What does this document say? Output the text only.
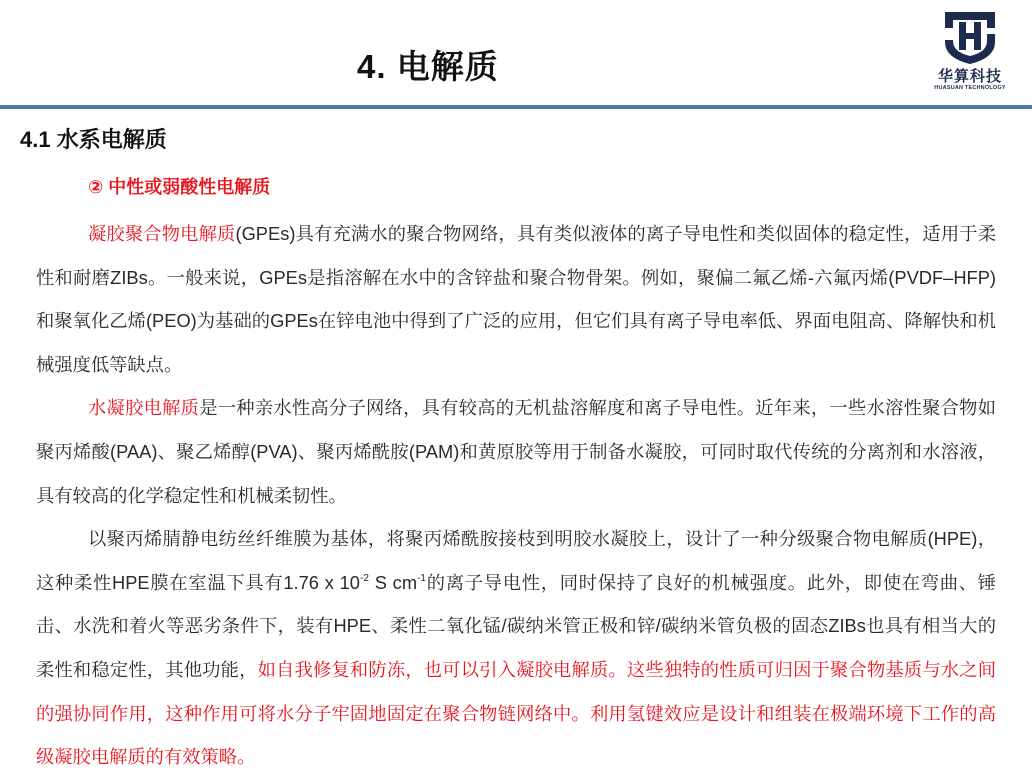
4. 电解质	华算科技
HUASUAN TECHNOLOGY
4.1 水系电解质
② 中性或弱酸性电解质

凝胶聚合物电解质(GPEs)具有充满水的聚合物网络，具有类似液体的离子导电性和类似固体的稳定性，适用于柔性和耐磨ZIBs。一般来说，GPEs是指溶解在水中的含锌盐和聚合物骨架。例如，聚偏二氟乙烯-六氟丙烯(PVDF–HFP)和聚氧化乙烯(PEO)为基础的GPEs在锌电池中得到了广泛的应用，但它们具有离子导电率低、界面电阻高、降解快和机械强度低等缺点。

水凝胶电解质是一种亲水性高分子网络，具有较高的无机盐溶解度和离子导电性。近年来，一些水溶性聚合物如聚丙烯酸(PAA)、聚乙烯醇(PVA)、聚丙烯酰胺(PAM)和黄原胶等用于制备水凝胶，可同时取代传统的分离剂和水溶液，具有较高的化学稳定性和机械柔韧性。

以聚丙烯腈静电纺丝纤维膜为基体，将聚丙烯酰胺接枝到明胶水凝胶上，设计了一种分级聚合物电解质(HPE)，这种柔性HPE膜在室温下具有1.76 x $10^{-2}$ S $cm^{-1}$的离子导电性，同时保持了良好的机械强度。此外，即使在弯曲、锤击、水洗和着火等恶劣条件下，装有HPE、柔性二氧化锰/碳纳米管正极和锌/碳纳米管负极的固态ZIBs也具有相当大的柔性和稳定性，其他功能，如自我修复和防冻，也可以引入凝胶电解质。这些独特的性质可归因于聚合物基质与水之间的强协同作用，这种作用可将水分子牢固地固定在聚合物链网络中。利用氢键效应是设计和组装在极端环境下工作的高级凝胶电解质的有效策略。
